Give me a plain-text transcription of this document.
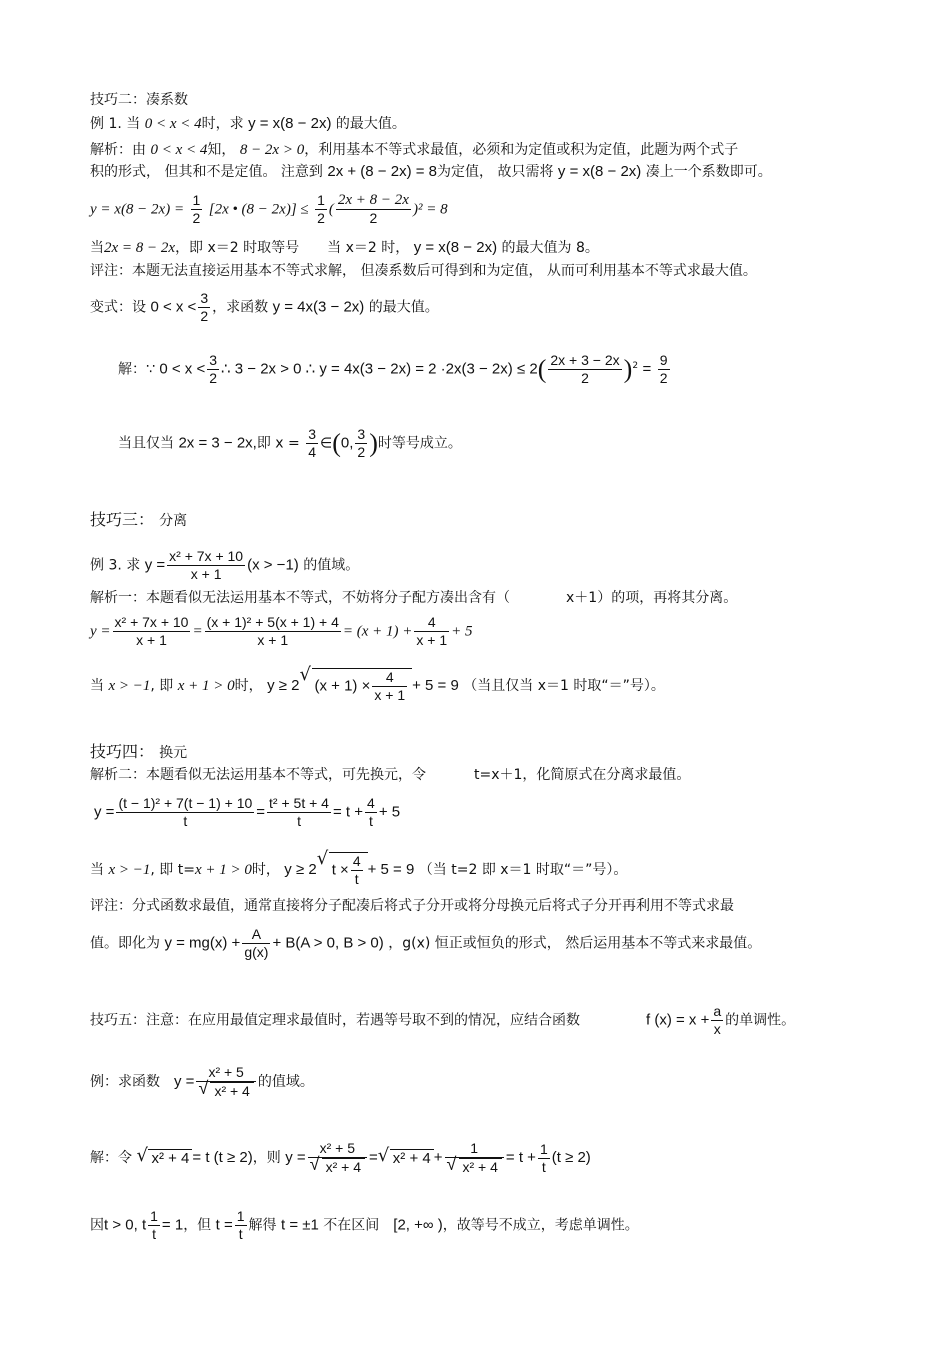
技巧二：凑系数
例 1. 当 0 < x < 4时，求 y = x(8 − 2x) 的最大值。
解析：由 0 < x < 4知， 8 − 2x > 0，利用基本不等式求最值，必须和为定值或积为定值，此题为两个式子
积的形式， 但其和不是定值。 注意到 2x + (8 − 2x) = 8为定值， 故只需将 y = x(8 − 2x) 凑上一个系数即可。
$y = x(8 - 2x) = \frac{1}{2} [2x$ • $(8 - 2x)] \le \frac{1}{2}$ ( $\frac{2x + 8 - 2x}{2} )^2 = 8$
当2x = 8 − 2x，即 x＝2 时取等号 当 x＝2 时， y = x(8 − 2x) 的最大值为 8。
评注：本题无法直接运用基本不等式求解， 但凑系数后可得到和为定值， 从而可利用基本不等式求最大值。
变式：设 $0 < x < \frac{3}{2}$ ，求函数 y = 4x(3 − 2x) 的最大值。
解：∵ $0 < x < \frac{3}{2}$ ∴ 3 − 2x > 0 ∴ $y = 4x(3 - 2x) = 2 \cdot 2x(3 - 2x) \le 2( \frac{2x + 3 - 2x}{2} )^2 = \frac{9}{2}$
当且仅当 2x = 3 − 2x,即 $x = \frac{3}{4}$ ∈(0, $\frac{3}{2}$ )时等号成立。
技巧三： 分离
例 3. 求 $y = \frac{\text{x² + 7x + 10}}{x + 1} (x > -1)$ 的值域。
解析一：本题看似无法运用基本不等式，不妨将分子配方凑出含有（	x＋1）的项，再将其分离。
$y = \frac{\text{x² + 7x + 10}}{x + 1} = \frac{\text{(x + 1)² + 5(x + 1) + 4}}{x + 1} = (x + 1) + \frac{4}{x + 1} + 5$
当 x > −1, 即 x + 1 > 0时， y ≥ 2 √ $(x + 1) \times \frac{4}{x + 1} + 5 = 9$ （当且仅当 x＝1 时取“＝”号）。
技巧四： 换元
解析二：本题看似无法运用基本不等式，可先换元，令	t=x＋1，化简原式在分离求最值。
$y = \frac{\text{(t − 1)² + 7(t − 1) + 10}}{t} = \frac{\text{t² + 5t + 4}}{t} = t + \frac{4}{t} + 5$
当 x > −1, 即 t=x + 1 > 0时， y ≥ 2 √ $t \times \frac{4}{t} + 5 = 9$ （当 t=2 即 x＝1 时取“＝”号）。
评注：分式函数求最值，通常直接将分子配凑后将式子分开或将分母换元后将式子分开再利用不等式求最
值。即化为 $y = mg(x) + \frac{A}{g(x)} + B(A > 0$, B > 0) ，g(x) 恒正或恒负的形式， 然后运用基本不等式来求最值。
技巧五：注意：在应用最值定理求最值时，若遇等号取不到的情况，应结合函数	f $(x) = x + \frac{a}{x}$ 的单调性。
例：求函数 y = x² + 5
√ x² + 4 的值域。
解：令 √ x² + 4 = t (t ≥ 2)，则 y = x² + 5
√ x² + 4 = √ x² + 4 + 1
√ $x^2 + 4 = t + \frac{1}{t} (t \ge 2)$
因t > 0, t $\frac{1}{t} = 1$，但 $t = \frac{1}{t}$ 解得 t = ±1 不在区间 [2, +∞ )，故等号不成立，考虑单调性。
